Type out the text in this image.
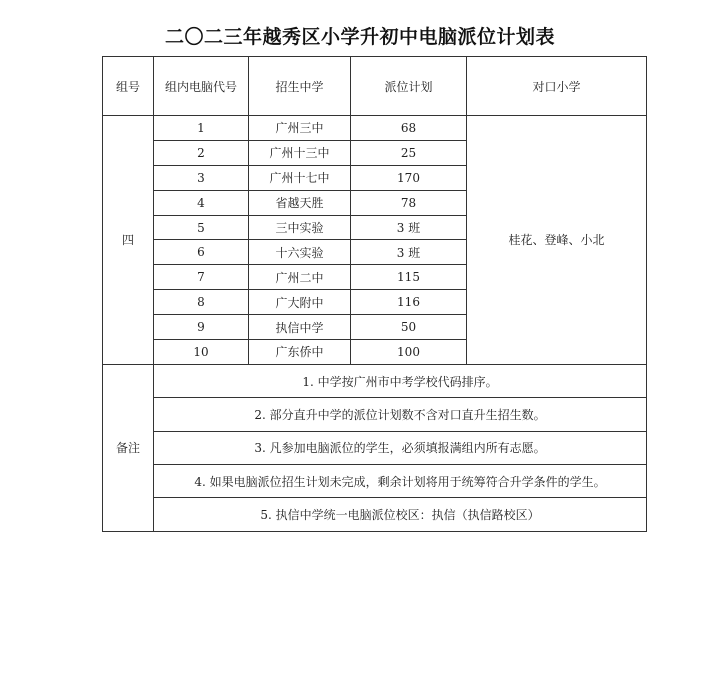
二〇二三年越秀区小学升初中电脑派位计划表
组号	组内电脑代号	招生中学	派位计划	对口小学
四	1	广州三中	68	桂花、登峰、小北
	2	广州十三中	25	
	3	广州十七中	170	
	4	省越天胜	78	
	5	三中实验	3 班	
	6	十六实验	3 班	
	7	广州二中	115	
	8	广大附中	116	
	9	执信中学	50	
	10	广东侨中	100	
备注	1. 中学按广州市中考学校代码排序。			
	2. 部分直升中学的派位计划数不含对口直升生招生数。			
	3. 凡参加电脑派位的学生，必须填报满组内所有志愿。			
	4. 如果电脑派位招生计划未完成，剩余计划将用于统筹符合升学条件的学生。			
	5. 执信中学统一电脑派位校区：执信（执信路校区）			
